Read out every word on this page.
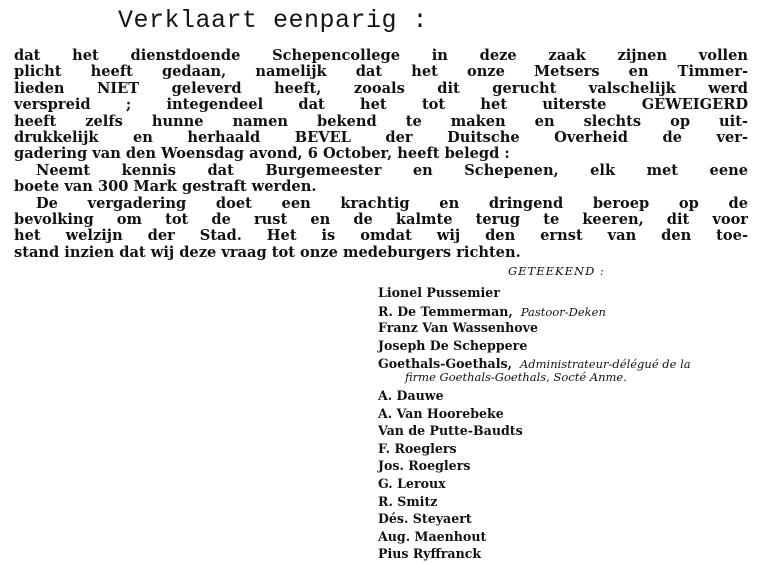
Verklaart eenparig :
dat het dienstdoende Schepencollege in deze zaak zijnen vollen
plicht heeft gedaan, namelijk dat het onze Metsers en Timmer-
lieden NIET geleverd heeft, zooals dit gerucht valschelijk werd
verspreid ; integendeel dat het tot het uiterste GEWEIGERD
heeft zelfs hunne namen bekend te maken en slechts op uit-
drukkelijk en herhaald BEVEL der Duitsche Overheid de ver-
gadering van den Woensdag avond, 6 October, heeft belegd :
Neemt kennis dat Burgemeester en Schepenen, elk met eene
boete van 300 Mark gestraft werden.
De vergadering doet een krachtig en dringend beroep op de
bevolking om tot de rust en de kalmte terug te keeren, dit voor
het welzijn der Stad. Het is omdat wij den ernst van den toe-
stand inzien dat wij deze vraag tot onze medeburgers richten.
GETEEKEND :
Lionel Pussemier
R. De Temmerman, Pastoor-Deken
Franz Van Wassenhove
Joseph De Scheppere
Goethals-Goethals, Administrateur-délégué de la
firme Goethals-Goethals, Socté Anme.
A. Dauwe
A. Van Hoorebeke
Van de Putte-Baudts
F. Roeglers
Jos. Roeglers
G. Leroux
R. Smitz
Dés. Steyaert
Aug. Maenhout
Pius Ryffranck
